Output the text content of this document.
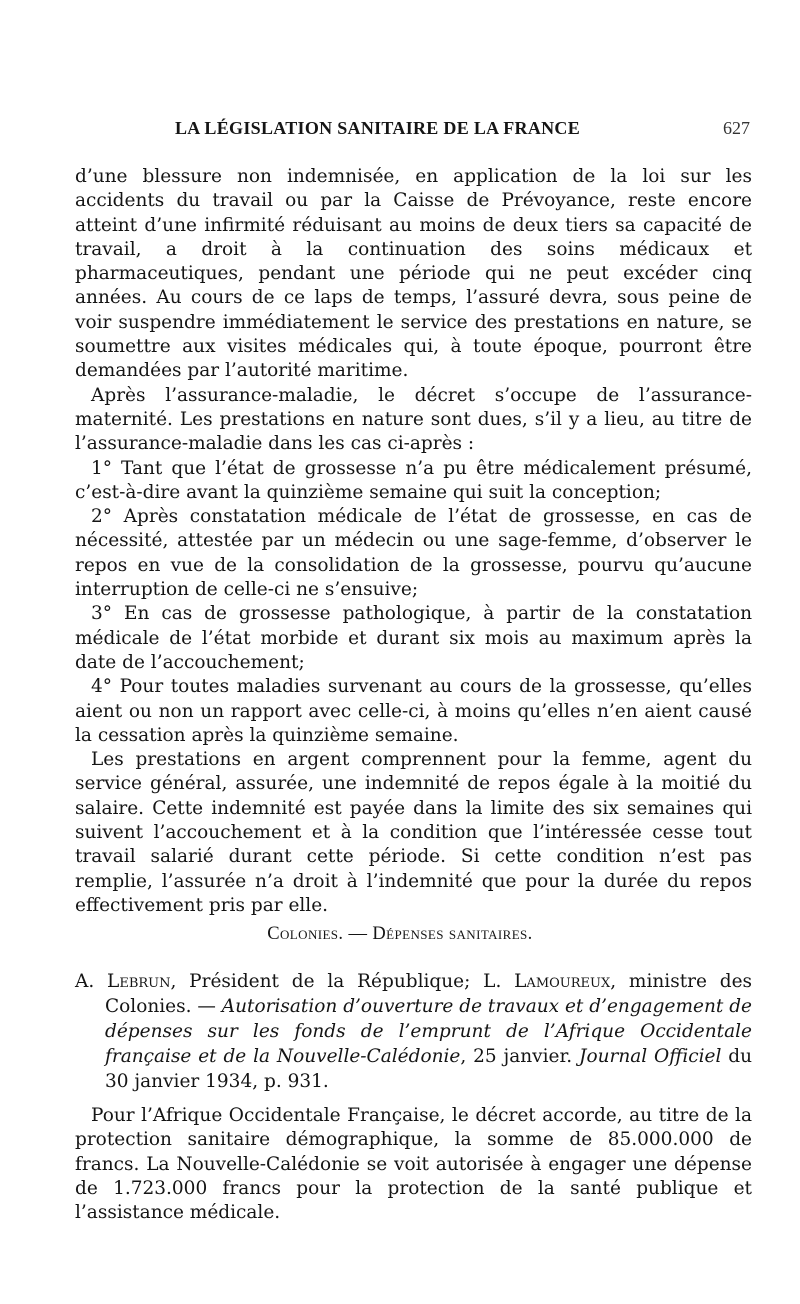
LA LÉGISLATION SANITAIRE DE LA FRANCE	627

d’une blessure non indemnisée, en application de la loi sur les accidents du travail ou par la Caisse de Prévoyance, reste encore atteint d’une infirmité réduisant au moins de deux tiers sa capacité de travail, a droit à la continuation des soins médicaux et pharmaceutiques, pendant une période qui ne peut excéder cinq années. Au cours de ce laps de temps, l’assuré devra, sous peine de voir suspendre immédiatement le service des prestations en nature, se soumettre aux visites médicales qui, à toute époque, pourront être demandées par l’autorité maritime.

Après l’assurance-maladie, le décret s’occupe de l’assurance-maternité. Les prestations en nature sont dues, s’il y a lieu, au titre de l’assurance-maladie dans les cas ci-après :

1° Tant que l’état de grossesse n’a pu être médicalement présumé, c’est-à-dire avant la quinzième semaine qui suit la conception;

2° Après constatation médicale de l’état de grossesse, en cas de nécessité, attestée par un médecin ou une sage-femme, d’observer le repos en vue de la consolidation de la grossesse, pourvu qu’aucune interruption de celle-ci ne s’ensuive;

3° En cas de grossesse pathologique, à partir de la constatation médicale de l’état morbide et durant six mois au maximum après la date de l’accouchement;

4° Pour toutes maladies survenant au cours de la grossesse, qu’elles aient ou non un rapport avec celle-ci, à moins qu’elles n’en aient causé la cessation après la quinzième semaine.

Les prestations en argent comprennent pour la femme, agent du service général, assurée, une indemnité de repos égale à la moitié du salaire. Cette indemnité est payée dans la limite des six semaines qui suivent l’accouchement et à la condition que l’intéressée cesse tout travail salarié durant cette période. Si cette condition n’est pas remplie, l’assurée n’a droit à l’indemnité que pour la durée du repos effectivement pris par elle.

Colonies. — Dépenses sanitaires.
A. Lebrun, Président de la République; L. Lamoureux, ministre des Colonies. — Autorisation d’ouverture de travaux et d’engagement de dépenses sur les fonds de l’emprunt de l’Afrique Occidentale française et de la Nouvelle-Calédonie, 25 janvier. Journal Officiel du 30 janvier 1934, p. 931.

Pour l’Afrique Occidentale Française, le décret accorde, au titre de la protection sanitaire démographique, la somme de 85.000.000 de francs. La Nouvelle-Calédonie se voit autorisée à engager une dépense de 1.723.000 francs pour la protection de la santé publique et l’assistance médicale.
